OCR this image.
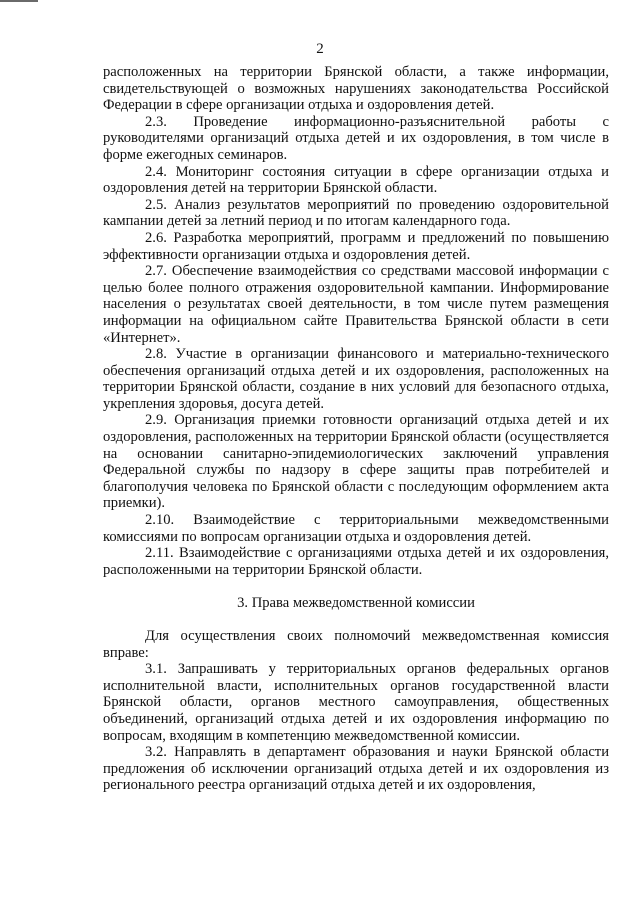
2

расположенных на территории Брянской области, а также информации, свидетельствующей о возможных нарушениях законодательства Российской Федерации в сфере организации отдыха и оздоровления детей.

2.3. Проведение информационно-разъяснительной работы с руководителями организаций отдыха детей и их оздоровления, в том числе в форме ежегодных семинаров.

2.4. Мониторинг состояния ситуации в сфере организации отдыха и оздоровления детей на территории Брянской области.

2.5. Анализ результатов мероприятий по проведению оздоровительной кампании детей за летний период и по итогам календарного года.

2.6. Разработка мероприятий, программ и предложений по повышению эффективности организации отдыха и оздоровления детей.

2.7. Обеспечение взаимодействия со средствами массовой информации с целью более полного отражения оздоровительной кампании. Информирование населения о результатах своей деятельности, в том числе путем размещения информации на официальном сайте Правительства Брянской области в сети «Интернет».

2.8. Участие в организации финансового и материально-технического обеспечения организаций отдыха детей и их оздоровления, расположенных на территории Брянской области, создание в них условий для безопасного отдыха, укрепления здоровья, досуга детей.

2.9. Организация приемки готовности организаций отдыха детей и их оздоровления, расположенных на территории Брянской области (осуществляется на основании санитарно-эпидемиологических заключений управления Федеральной службы по надзору в сфере защиты прав потребителей и благополучия человека по Брянской области с последующим оформлением акта приемки).

2.10. Взаимодействие с территориальными межведомственными комиссиями по вопросам организации отдыха и оздоровления детей.

2.11. Взаимодействие с организациями отдыха детей и их оздоровления, расположенными на территории Брянской области.

3. Права межведомственной комиссии

Для осуществления своих полномочий межведомственная комиссия вправе:

3.1. Запрашивать у территориальных органов федеральных органов исполнительной власти, исполнительных органов государственной власти Брянской области, органов местного самоуправления, общественных объединений, организаций отдыха детей и их оздоровления информацию по вопросам, входящим в компетенцию межведомственной комиссии.

3.2. Направлять в департамент образования и науки Брянской области предложения об исключении организаций отдыха детей и их оздоровления из регионального реестра организаций отдыха детей и их оздоровления,
